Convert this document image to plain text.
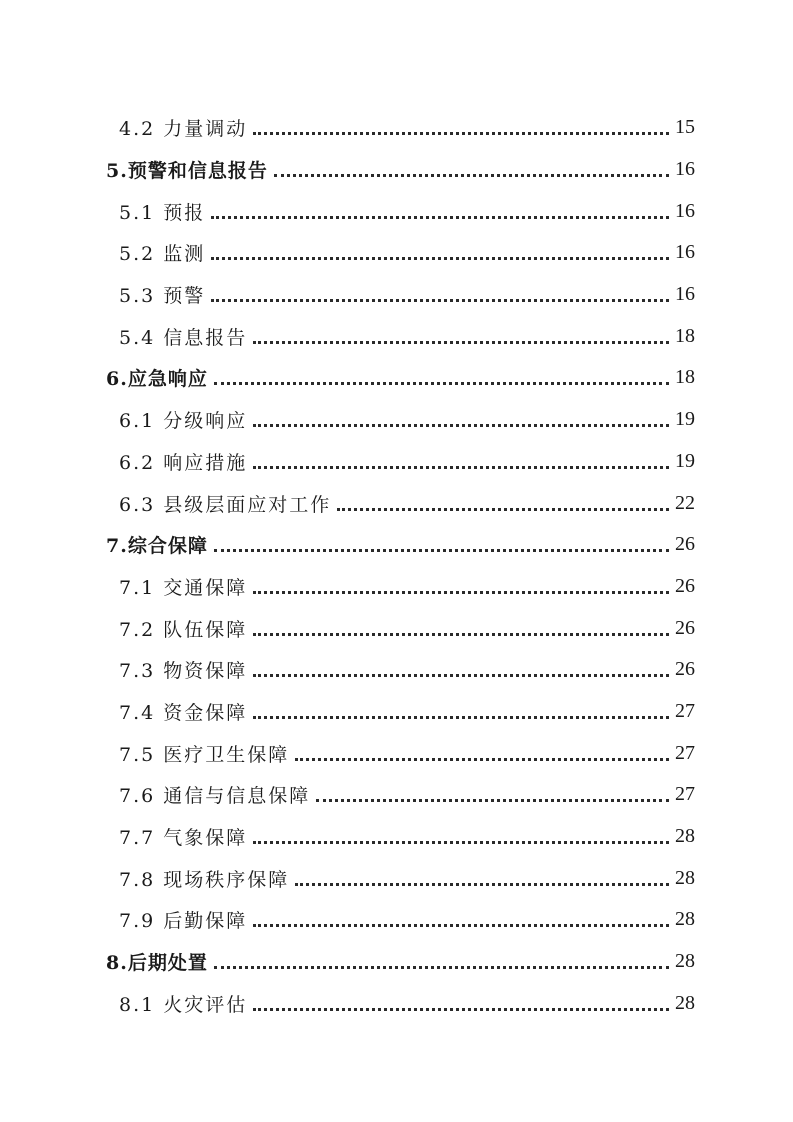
4.2 力量调动	15
5.预警和信息报告	16
5.1 预报	16
5.2 监测	16
5.3 预警	16
5.4 信息报告	18
6.应急响应	18
6.1 分级响应	19
6.2 响应措施	19
6.3 县级层面应对工作	22
7.综合保障	26
7.1 交通保障	26
7.2 队伍保障	26
7.3 物资保障	26
7.4 资金保障	27
7.5 医疗卫生保障	27
7.6 通信与信息保障	27
7.7 气象保障	28
7.8 现场秩序保障	28
7.9 后勤保障	28
8.后期处置	28
8.1 火灾评估	28
